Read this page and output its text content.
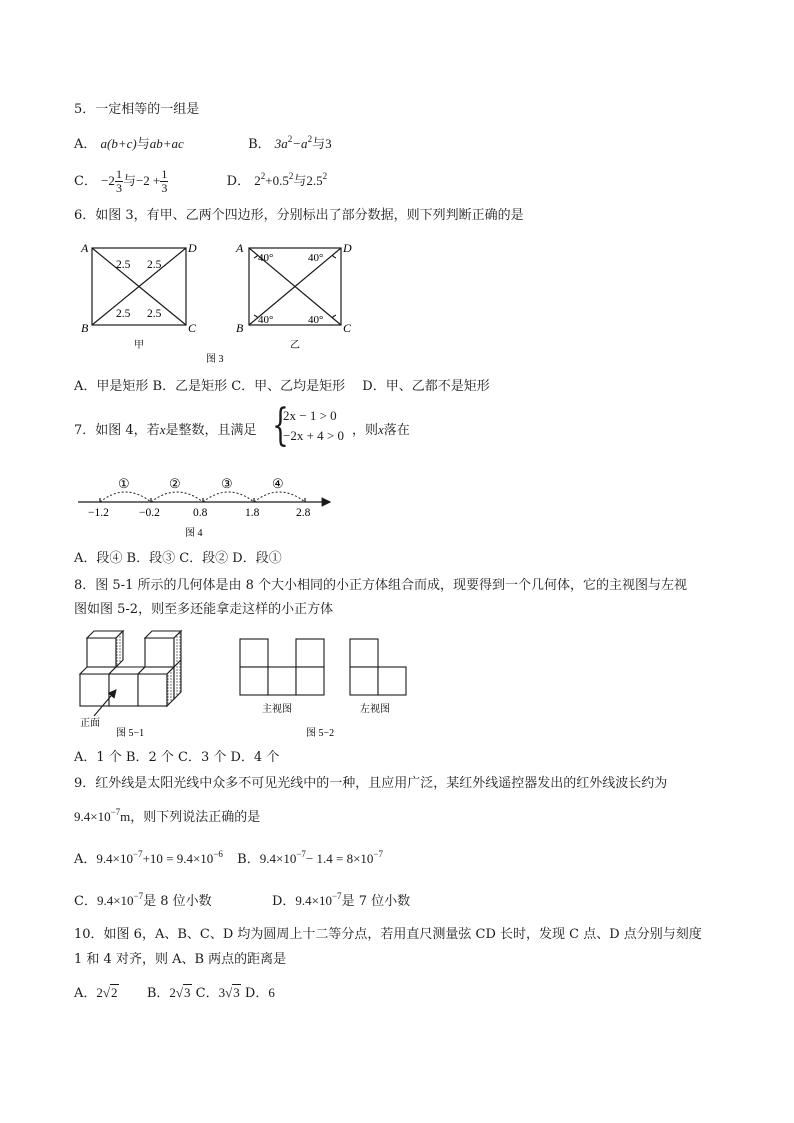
5．一定相等的一组是
A． a(b+c)与ab+ac	B． $3a^2-a^2$与3
C． $-2 \frac{1}{3}$ 与$-2 + \frac{1}{3}$	D． $2^2+0.5^2$与$2.5^2$
6．如图 3，有甲、乙两个四边形，分别标出了部分数据，则下列判断正确的是
A	D
B	C
2.5 2.5
2.5 2.5
甲
A	D
B	C
40°	40°
40°	40°
乙
图 3
A．甲是矩形 B．乙是矩形 C．甲、乙均是矩形　 D．甲、乙都不是矩形
7．如图 4，若x是整数，且满足 {
2x − 1 > 0
−2x + 4 > 0 ，则x落在
−1.2	−0.2	0.8	1.8	2.8
①	②	③	④
图 4
A．段④ B．段③ C．段② D．段①
8．图 5-1 所示的几何体是由 8 个大小相同的小正方体组合而成，现要得到一个几何体，它的主视图与左视
图如图 5-2，则至多还能拿走这样的小正方体
正面
图 5−1
主视图	左视图
图 5−2
A．1 个 B．2 个 C．3 个 D．4 个
9．红外线是太阳光线中众多不可见光线中的一种，且应用广泛，某红外线遥控器发出的红外线波长约为
$9.4\times 10^{-7}m$，则下列说法正确的是
A．$9.4\times 10^{-7}+10 = 9.4\times 10^{-6}$ B．$9.4\times 10^{-7}- 1.4 = 8\times 10^{-7}$
C．$9.4\times 10^{-7}$是 8 位小数	D．$9.4\times 10^{-7}$是 7 位小数
10．如图 6，A、B、C、D 均为圆周上十二等分点，若用直尺测量弦 CD 长时，发现 C 点、D 点分别与刻度
1 和 4 对齐，则 A、B 两点的距离是
A．2√2 B．2√3 C．3√3 D．6
